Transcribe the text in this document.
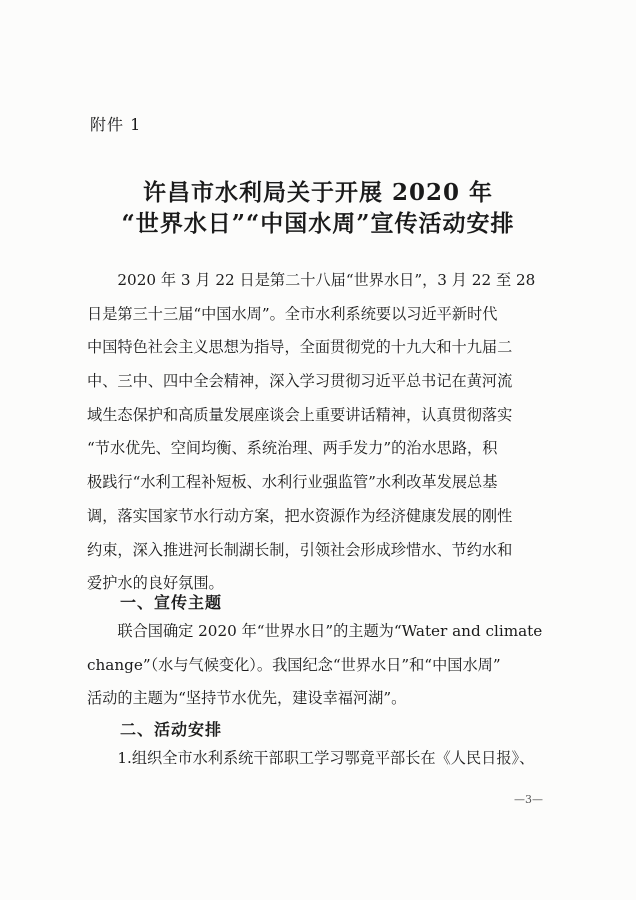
附件 1
许昌市水利局关于开展 2020 年
“世界水日”“中国水周”宣传活动安排
　　2020 年 3 月 22 日是第二十八届“世界水日”，3 月 22 至 28
日是第三十三届“中国水周”。全市水利系统要以习近平新时代
中国特色社会主义思想为指导，全面贯彻党的十九大和十九届二
中、三中、四中全会精神，深入学习贯彻习近平总书记在黄河流
域生态保护和高质量发展座谈会上重要讲话精神，认真贯彻落实
“节水优先、空间均衡、系统治理、两手发力”的治水思路，积
极践行“水利工程补短板、水利行业强监管”水利改革发展总基
调，落实国家节水行动方案，把水资源作为经济健康发展的刚性
约束，深入推进河长制湖长制，引领社会形成珍惜水、节约水和
爱护水的良好氛围。
一、宣传主题
　　联合国确定 2020 年“世界水日”的主题为“Water and climate
change”（水与气候变化）。我国纪念“世界水日”和“中国水周”
活动的主题为“坚持节水优先，建设幸福河湖”。
二、活动安排
　　1.组织全市水利系统干部职工学习鄂竟平部长在《人民日报》、
—3—
